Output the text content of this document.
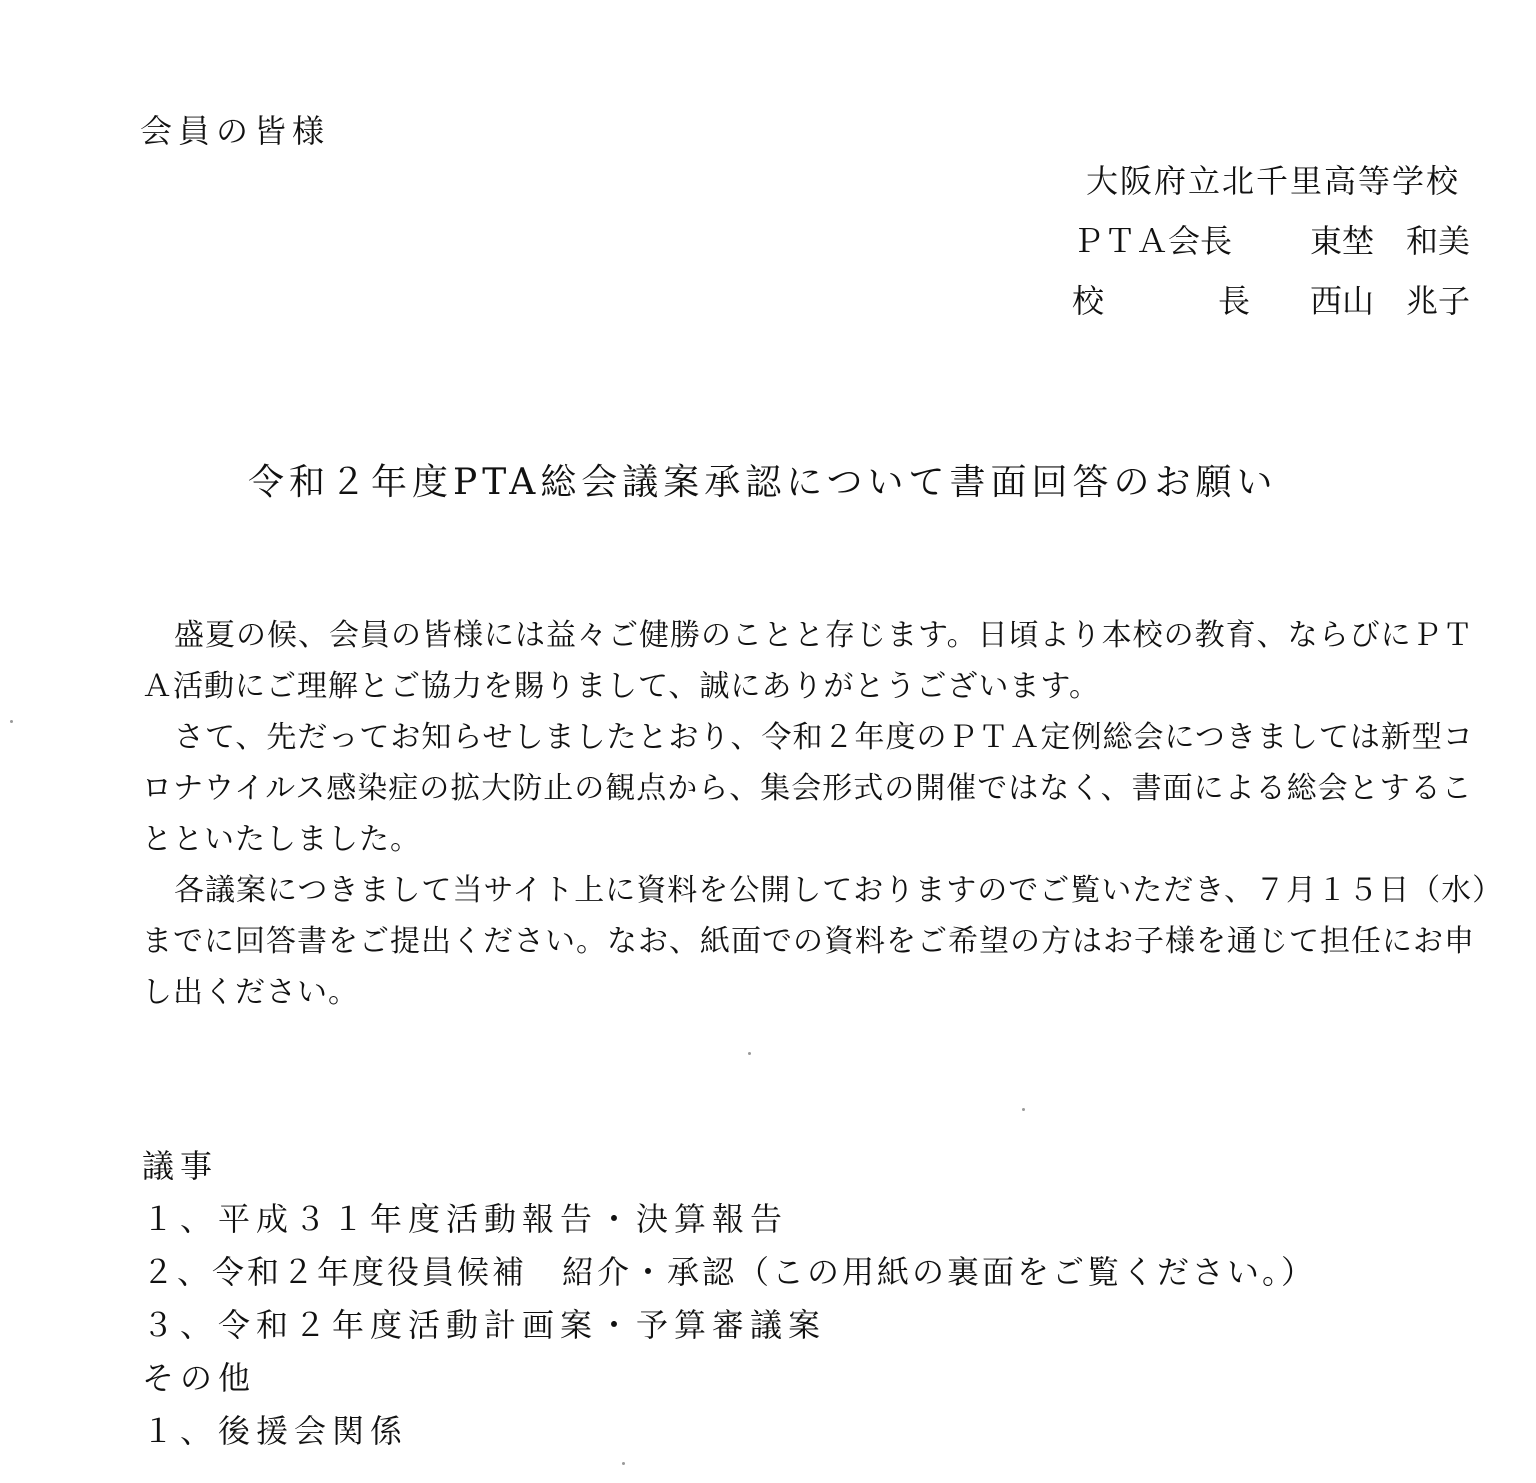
会員の皆様
大阪府立北千里高等学校
ＰＴＡ会長	東埜　和美
校	長 西山　兆子
令和２年度PTA総会議案承認について書面回答のお願い

盛夏の候、会員の皆様には益々ご健勝のことと存じます。日頃より本校の教育、ならびにＰＴＡ活動にご理解とご協力を賜りまして、誠にありがとうございます。

さて、先だってお知らせしましたとおり、令和２年度のＰＴＡ定例総会につきましては新型コロナウイルス感染症の拡大防止の観点から、集会形式の開催ではなく、書面による総会とすることといたしました。

各議案につきまして当サイト上に資料を公開しておりますのでご覧いただき、７月１５日（水）までに回答書をご提出ください。なお、紙面での資料をご希望の方はお子様を通じて担任にお申し出ください。

議事
１、平成３１年度活動報告・決算報告
２、令和２年度役員候補　紹介・承認（この用紙の裏面をご覧ください。）
３、令和２年度活動計画案・予算審議案
その他
１、後援会関係
